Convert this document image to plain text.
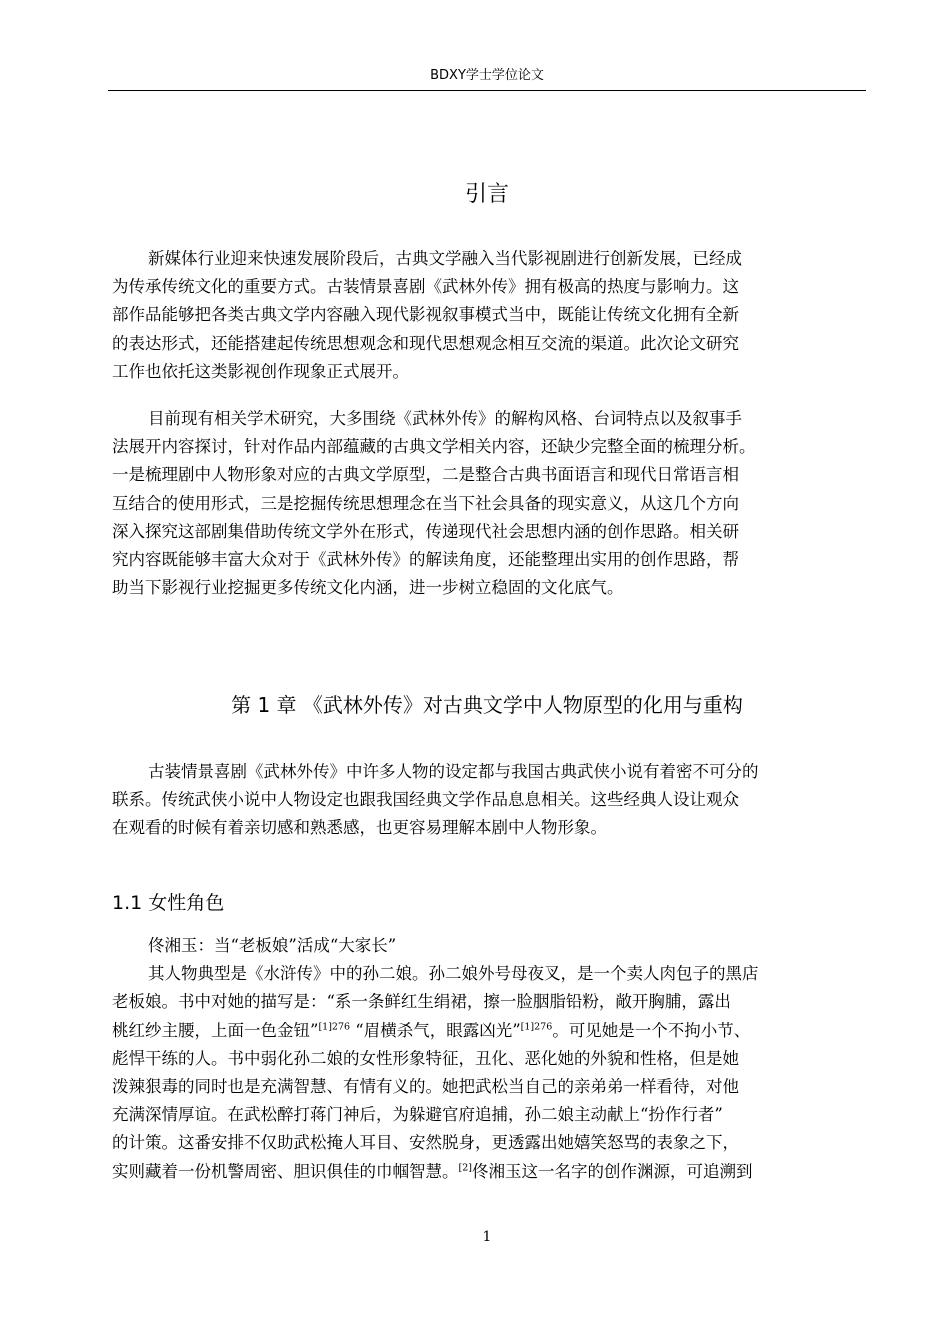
BDXY学士学位论文
引言
新媒体行业迎来快速发展阶段后，古典文学融入当代影视剧进行创新发展，已经成
为传承传统文化的重要方式。古装情景喜剧《武林外传》拥有极高的热度与影响力。这
部作品能够把各类古典文学内容融入现代影视叙事模式当中，既能让传统文化拥有全新
的表达形式，还能搭建起传统思想观念和现代思想观念相互交流的渠道。此次论文研究
工作也依托这类影视创作现象正式展开。
目前现有相关学术研究，大多围绕《武林外传》的解构风格、台词特点以及叙事手
法展开内容探讨，针对作品内部蕴藏的古典文学相关内容，还缺少完整全面的梳理分析。
一是梳理剧中人物形象对应的古典文学原型，二是整合古典书面语言和现代日常语言相
互结合的使用形式，三是挖掘传统思想理念在当下社会具备的现实意义，从这几个方向
深入探究这部剧集借助传统文学外在形式，传递现代社会思想内涵的创作思路。相关研
究内容既能够丰富大众对于《武林外传》的解读角度，还能整理出实用的创作思路，帮
助当下影视行业挖掘更多传统文化内涵，进一步树立稳固的文化底气。
第 1 章 《武林外传》对古典文学中人物原型的化用与重构
古装情景喜剧《武林外传》中许多人物的设定都与我国古典武侠小说有着密不可分的
联系。传统武侠小说中人物设定也跟我国经典文学作品息息相关。这些经典人设让观众
在观看的时候有着亲切感和熟悉感，也更容易理解本剧中人物形象。
1.1 女性角色
佟湘玉：当“老板娘”活成“大家长”
其人物典型是《水浒传》中的孙二娘。孙二娘外号母夜叉，是一个卖人肉包子的黑店
老板娘。书中对她的描写是：“系一条鲜红生绢裙，擦一脸胭脂铅粉，敞开胸脯，露出
桃红纱主腰，上面一色金钮”$^{[1]276}$ “眉横杀气，眼露凶光”$^{[1]276}$。可见她是一个不拘小节、
彪悍干练的人。书中弱化孙二娘的女性形象特征，丑化、恶化她的外貌和性格，但是她
泼辣狠毒的同时也是充满智慧、有情有义的。她把武松当自己的亲弟弟一样看待，对他
充满深情厚谊。在武松醉打蒋门神后，为躲避官府追捕，孙二娘主动献上“扮作行者”
的计策。这番安排不仅助武松掩人耳目、安然脱身，更透露出她嬉笑怒骂的表象之下，
实则藏着一份机警周密、胆识俱佳的巾帼智慧。[2]佟湘玉这一名字的创作渊源，可追溯到
1
